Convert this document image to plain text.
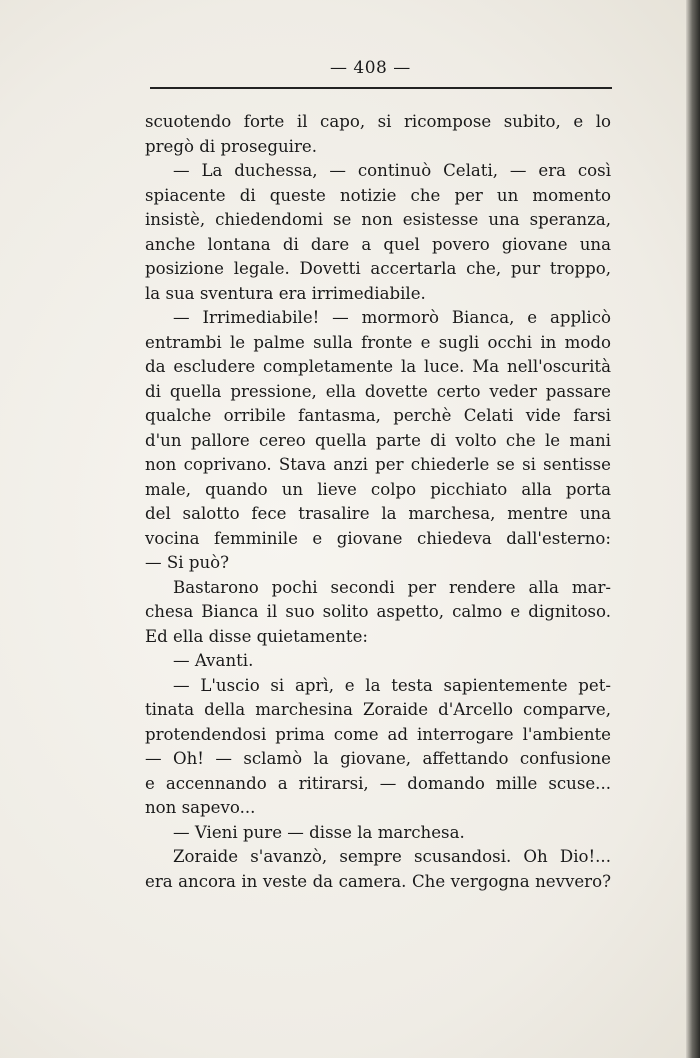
— 408 —
scuotendo forte il capo, si ricompose subito, e lo
pregò di proseguire.
— La duchessa, — continuò Celati, — era così
spiacente di queste notizie che per un momento
insistè, chiedendomi se non esistesse una speranza,
anche lontana di dare a quel povero giovane una
posizione legale. Dovetti accertarla che, pur troppo,
la sua sventura era irrimediabile.
— Irrimediabile! — mormorò Bianca, e applicò
entrambi le palme sulla fronte e sugli occhi in modo
da escludere completamente la luce. Ma nell'oscurità
di quella pressione, ella dovette certo veder passare
qualche orribile fantasma, perchè Celati vide farsi
d'un pallore cereo quella parte di volto che le mani
non coprivano. Stava anzi per chiederle se si sentisse
male, quando un lieve colpo picchiato alla porta
del salotto fece trasalire la marchesa, mentre una
vocina femminile e giovane chiedeva dall'esterno:
— Si può?
Bastarono pochi secondi per rendere alla mar-
chesa Bianca il suo solito aspetto, calmo e dignitoso.
Ed ella disse quietamente:
— Avanti.
— L'uscio si aprì, e la testa sapientemente pet-
tinata della marchesina Zoraide d'Arcello comparve,
protendendosi prima come ad interrogare l'ambiente
— Oh! — sclamò la giovane, affettando confusione
e accennando a ritirarsi, — domando mille scuse...
non sapevo...
— Vieni pure — disse la marchesa.
Zoraide s'avanzò, sempre scusandosi. Oh Dio!...
era ancora in veste da camera. Che vergogna nevvero?
